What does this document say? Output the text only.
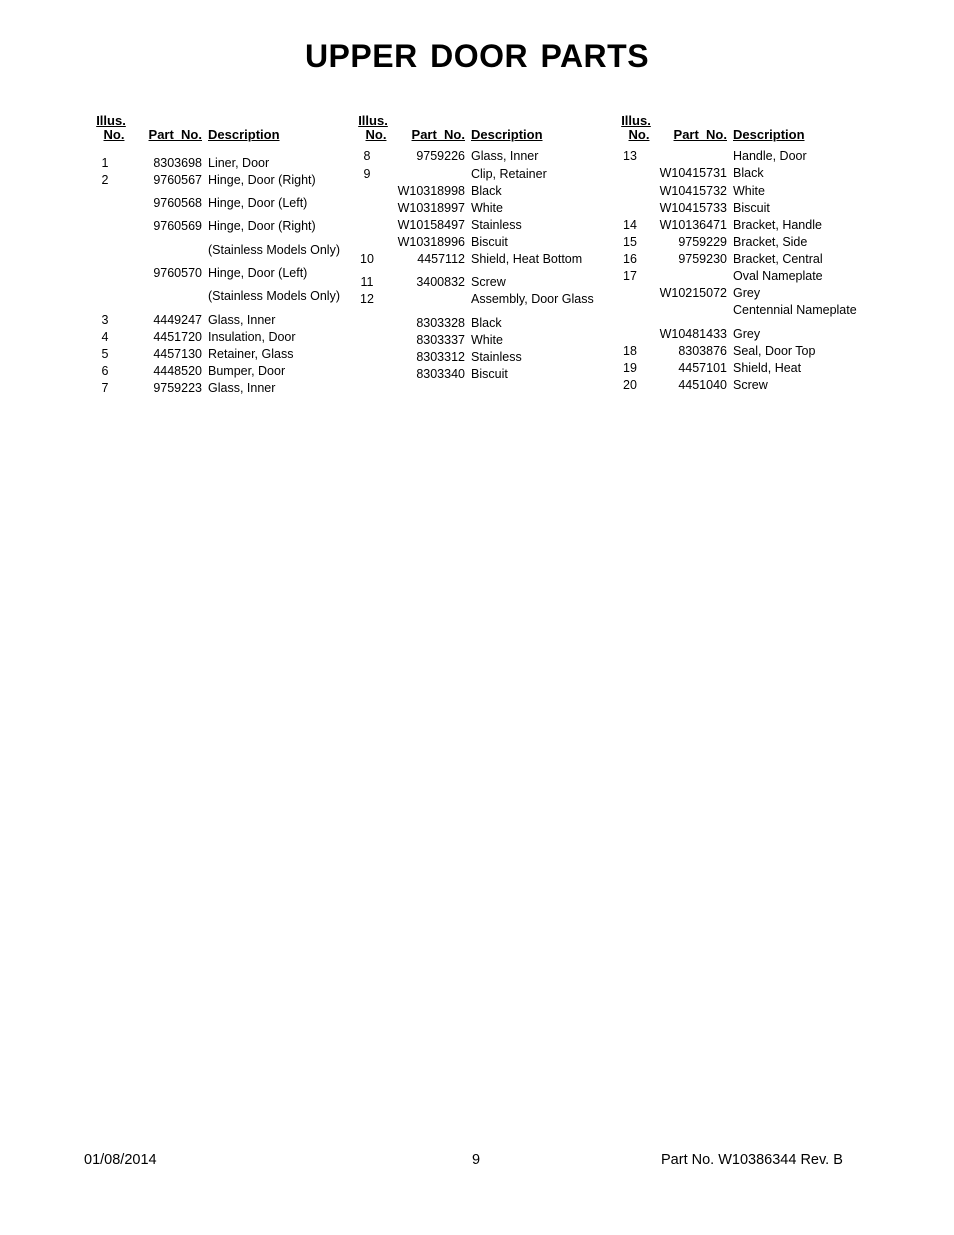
UPPER DOOR PARTS
01/08/2014	9	Part No. W10386344 Rev. B
Illus.
No.	Part  No. Description
1	8303698 Liner, Door
2	9760567 Hinge, Door (Right)
9760568 Hinge, Door (Left)
9760569 Hinge, Door (Right)
(Stainless Models Only)
9760570 Hinge, Door (Left)
(Stainless Models Only)
3	4449247 Glass, Inner
4	4451720 Insulation, Door
5	4457130 Retainer, Glass
6	4448520 Bumper, Door
7	9759223 Glass, Inner
Illus.
No.	Part  No. Description
8	9759226 Glass, Inner
9	Clip, Retainer
W10318998 Black
W10318997 White
W10158497 Stainless
W10318996 Biscuit
10	4457112 Shield, Heat Bottom
11	3400832 Screw
12	Assembly, Door Glass
8303328 Black
8303337 White
8303312 Stainless
8303340 Biscuit
Illus.
No.	Part  No. Description
13	Handle, Door
W10415731 Black
W10415732 White
W10415733 Biscuit
14	W10136471 Bracket, Handle
15	9759229 Bracket, Side
16	9759230 Bracket, Central
17	Oval Nameplate
W10215072 Grey
Centennial Nameplate
W10481433 Grey
18	8303876 Seal, Door Top
19	4457101 Shield, Heat
20	4451040 Screw
